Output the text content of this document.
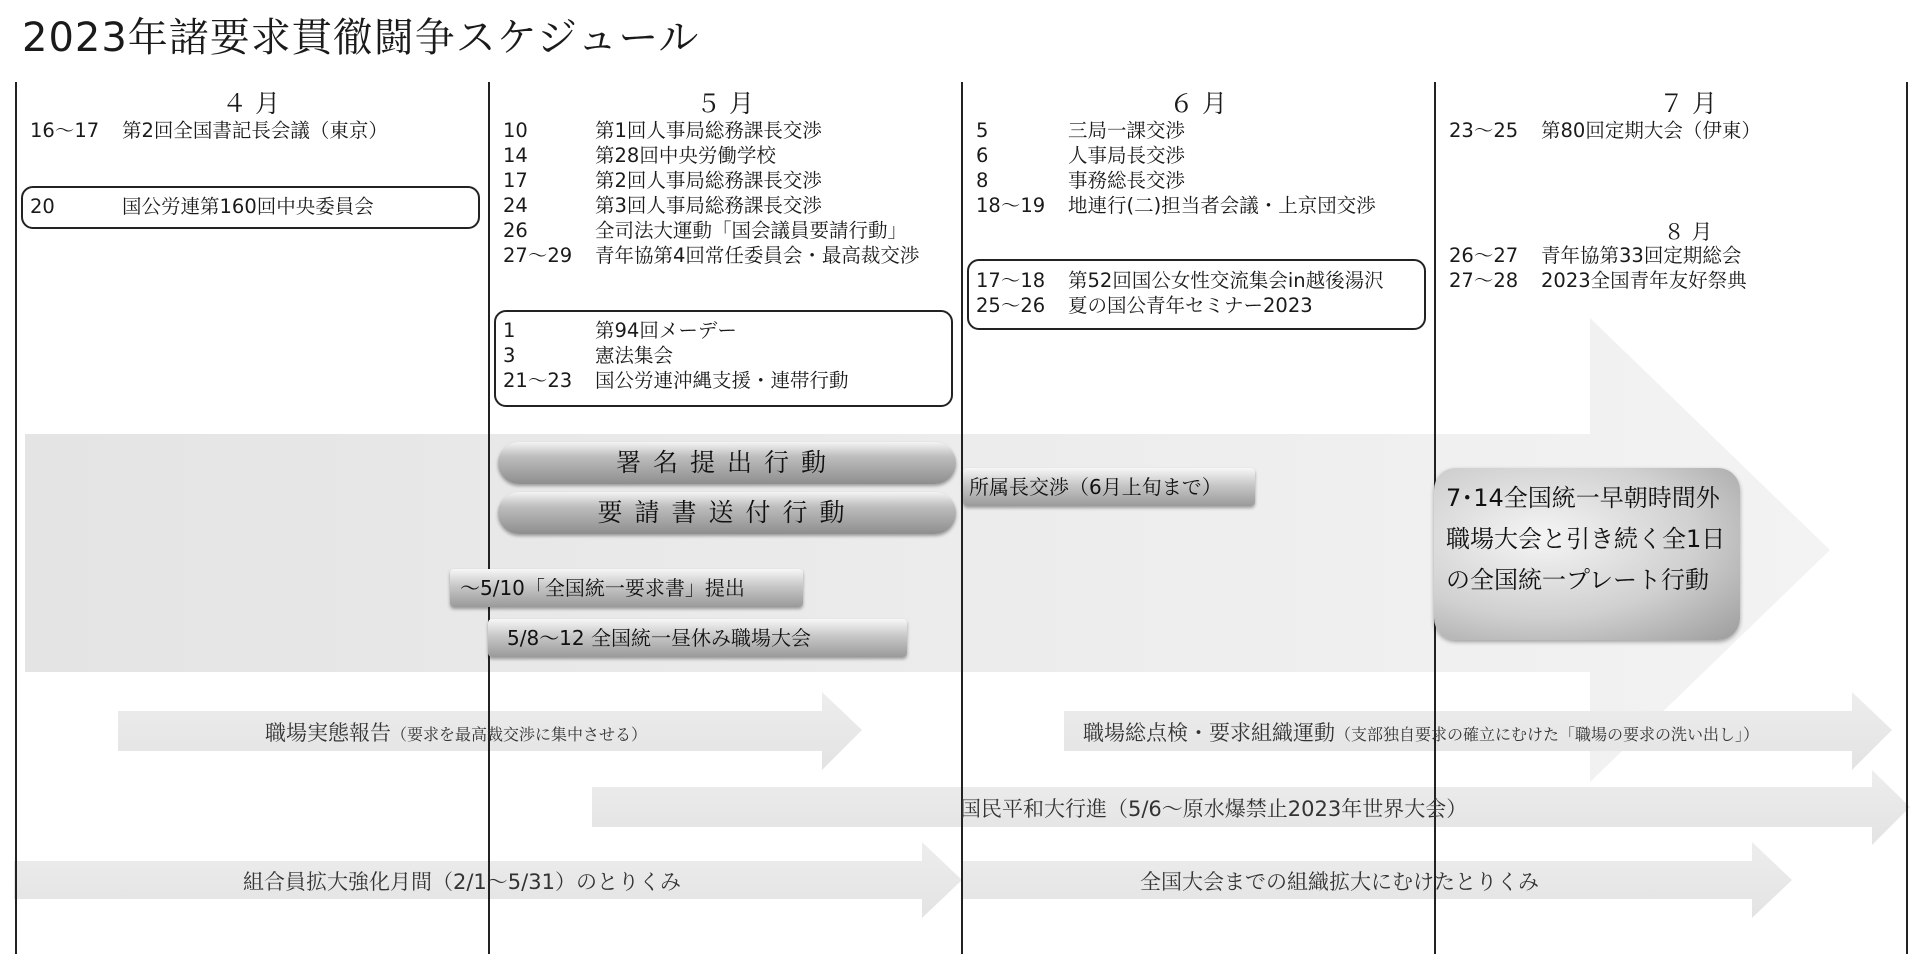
2023年諸要求貫徹闘争スケジュール
４ 月	５ 月	６ 月	７ 月
16〜17 第2回全国書記長会議（東京）
20	国公労連第160回中央委員会
10	第1回人事局総務課長交渉
14	第28回中央労働学校
17	第2回人事局総務課長交渉
24	第3回人事局総務課長交渉
26	全司法大運動「国会議員要請行動」
27〜29 青年協第4回常任委員会・最高裁交渉
1	第94回メーデー
3	憲法集会
21〜23 国公労連沖縄支援・連帯行動
5	三局一課交渉
6	人事局長交渉
8	事務総長交渉
18〜19 地連行(二)担当者会議・上京団交渉
17〜18 第52回国公女性交流集会in越後湯沢
25〜26 夏の国公青年セミナー2023
23〜25 第80回定期大会（伊東）
８ 月
26〜27 青年協第33回定期総会
27〜28 2023全国青年友好祭典
署名提出行動
要請書送付行動
所属長交渉（6月上旬まで）
〜5/10「全国統一要求書」提出
5/8〜12 全国統一昼休み職場大会
7･14全国統一早朝時間外職場大会と引き続く全1日の全国統一プレート行動
職場実態報告（要求を最高裁交渉に集中させる）	職場総点検・要求組織運動（支部独自要求の確立にむけた「職場の要求の洗い出し」）
国民平和大行進（5/6〜原水爆禁止2023年世界大会）
組合員拡大強化月間（2/1〜5/31）のとりくみ	全国大会までの組織拡大にむけたとりくみ
